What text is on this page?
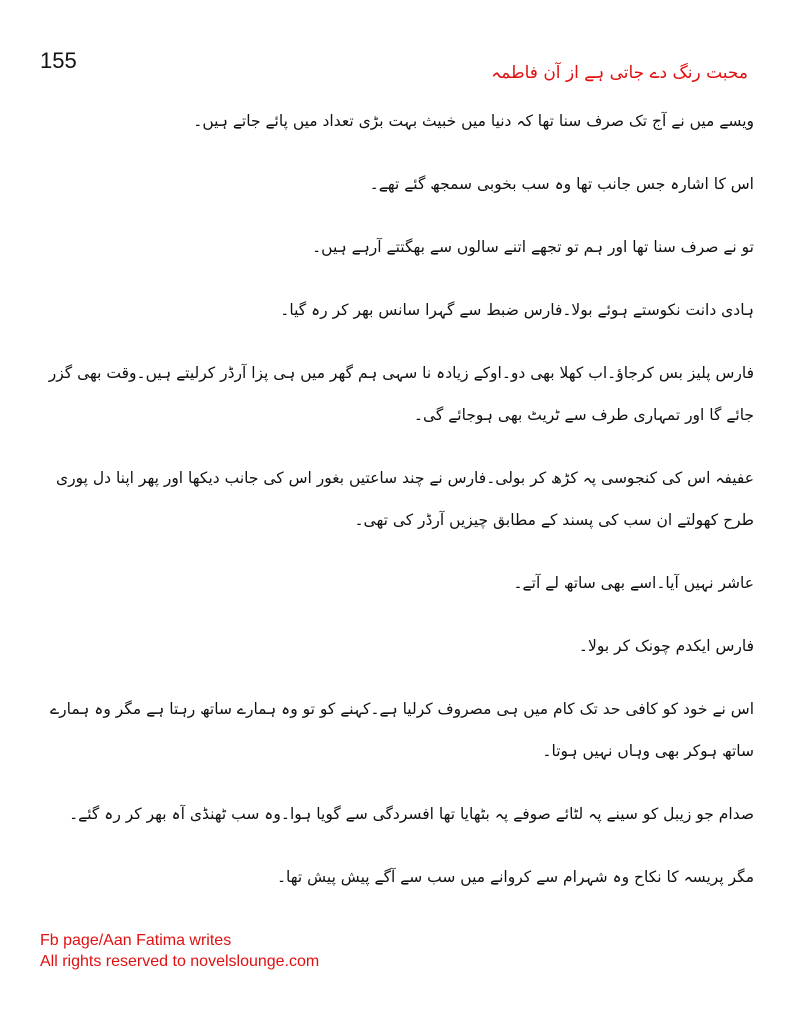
155	محبت رنگ دے جاتی ہے از آن فاطمہ

ویسے میں نے آج تک صرف سنا تھا کہ دنیا میں خبیث بہت بڑی تعداد میں پائے جاتے ہیں۔

اس کا اشارہ جس جانب تھا وہ سب بخوبی سمجھ گئے تھے۔

تو نے صرف سنا تھا اور ہم تو تجھے اتنے سالوں سے بھگتتے آرہے ہیں۔

ہادی دانت نکوستے ہوئے بولا۔فارس ضبط سے گہرا سانس بھر کر رہ گیا۔

فارس پلیز بس کرجاؤ۔اب کھلا بھی دو۔اوکے زیادہ نا سہی ہم گھر میں ہی پزا آرڈر کرلیتے ہیں۔وقت بھی گزر جائے گا اور تمہاری طرف سے ٹریٹ بھی ہوجائے گی۔

عفیفہ اس کی کنجوسی پہ کڑھ کر بولی۔فارس نے چند ساعتیں بغور اس کی جانب دیکھا اور پھر اپنا دل پوری طرح کھولتے ان سب کی پسند کے مطابق چیزیں آرڈر کی تھی۔

عاشر نہیں آیا۔اسے بھی ساتھ لے آتے۔

فارس ایکدم چونک کر بولا۔

اس نے خود کو کافی حد تک کام میں ہی مصروف کرلیا ہے۔کہنے کو تو وہ ہمارے ساتھ رہتا ہے مگر وہ ہمارے ساتھ ہوکر بھی وہاں نہیں ہوتا۔

صدام جو زیبل کو سینے پہ لٹائے صوفے پہ بٹھایا تھا افسردگی سے گویا ہوا۔وہ سب ٹھنڈی آہ بھر کر رہ گئے۔

مگر پریسہ کا نکاح وہ شہرام سے کروانے میں سب سے آگے پیش پیش تھا۔

Fb page/Aan Fatima writes
All rights reserved to novelslounge.com
